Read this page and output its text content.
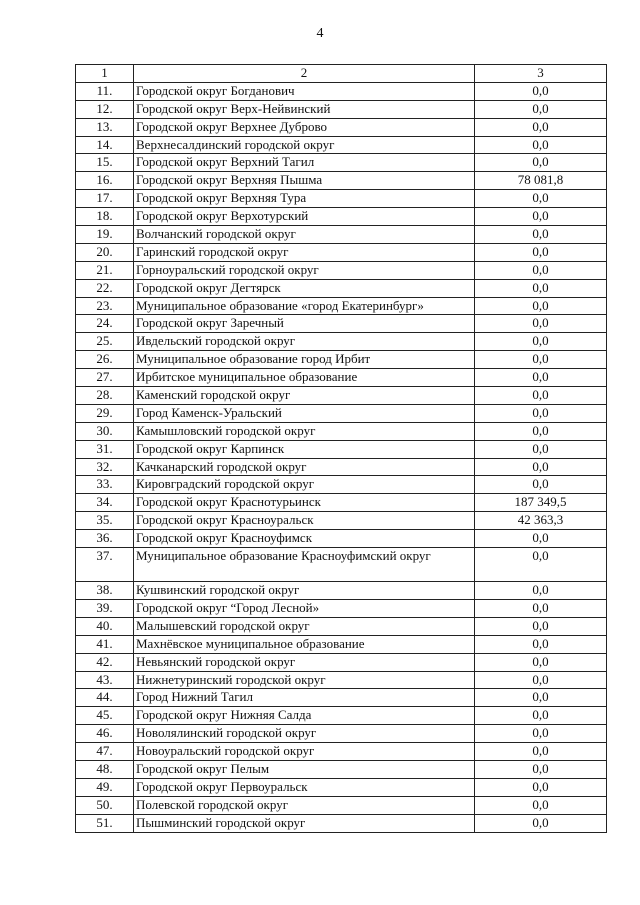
4
1	2	3
11.	Городской округ Богданович	0,0
12.	Городской округ Верх-Нейвинский	0,0
13.	Городской округ Верхнее Дуброво	0,0
14.	Верхнесалдинский городской округ	0,0
15.	Городской округ Верхний Тагил	0,0
16.	Городской округ Верхняя Пышма	78 081,8
17.	Городской округ Верхняя Тура	0,0
18.	Городской округ Верхотурский	0,0
19.	Волчанский городской округ	0,0
20.	Гаринский городской округ	0,0
21.	Горноуральский городской округ	0,0
22.	Городской округ Дегтярск	0,0
23.	Муниципальное образование «город Екатеринбург»	0,0
24.	Городской округ Заречный	0,0
25.	Ивдельский городской округ	0,0
26.	Муниципальное образование город Ирбит	0,0
27.	Ирбитское муниципальное образование	0,0
28.	Каменский городской округ	0,0
29.	Город Каменск-Уральский	0,0
30.	Камышловский городской округ	0,0
31.	Городской округ Карпинск	0,0
32.	Качканарский городской округ	0,0
33.	Кировградский городской округ	0,0
34.	Городской округ Краснотурьинск	187 349,5
35.	Городской округ Красноуральск	42 363,3
36.	Городской округ Красноуфимск	0,0
37.	Муниципальное образование Красноуфимский округ	0,0
38.	Кушвинский городской округ	0,0
39.	Городской округ “Город Лесной»	0,0
40.	Малышевский городской округ	0,0
41.	Махнёвское муниципальное образование	0,0
42.	Невьянский городской округ	0,0
43.	Нижнетуринский городской округ	0,0
44.	Город Нижний Тагил	0,0
45.	Городской округ Нижняя Салда	0,0
46.	Новолялинский городской округ	0,0
47.	Новоуральский городской округ	0,0
48.	Городской округ Пелым	0,0
49.	Городской округ Первоуральск	0,0
50.	Полевской городской округ	0,0
51.	Пышминский городской округ	0,0
